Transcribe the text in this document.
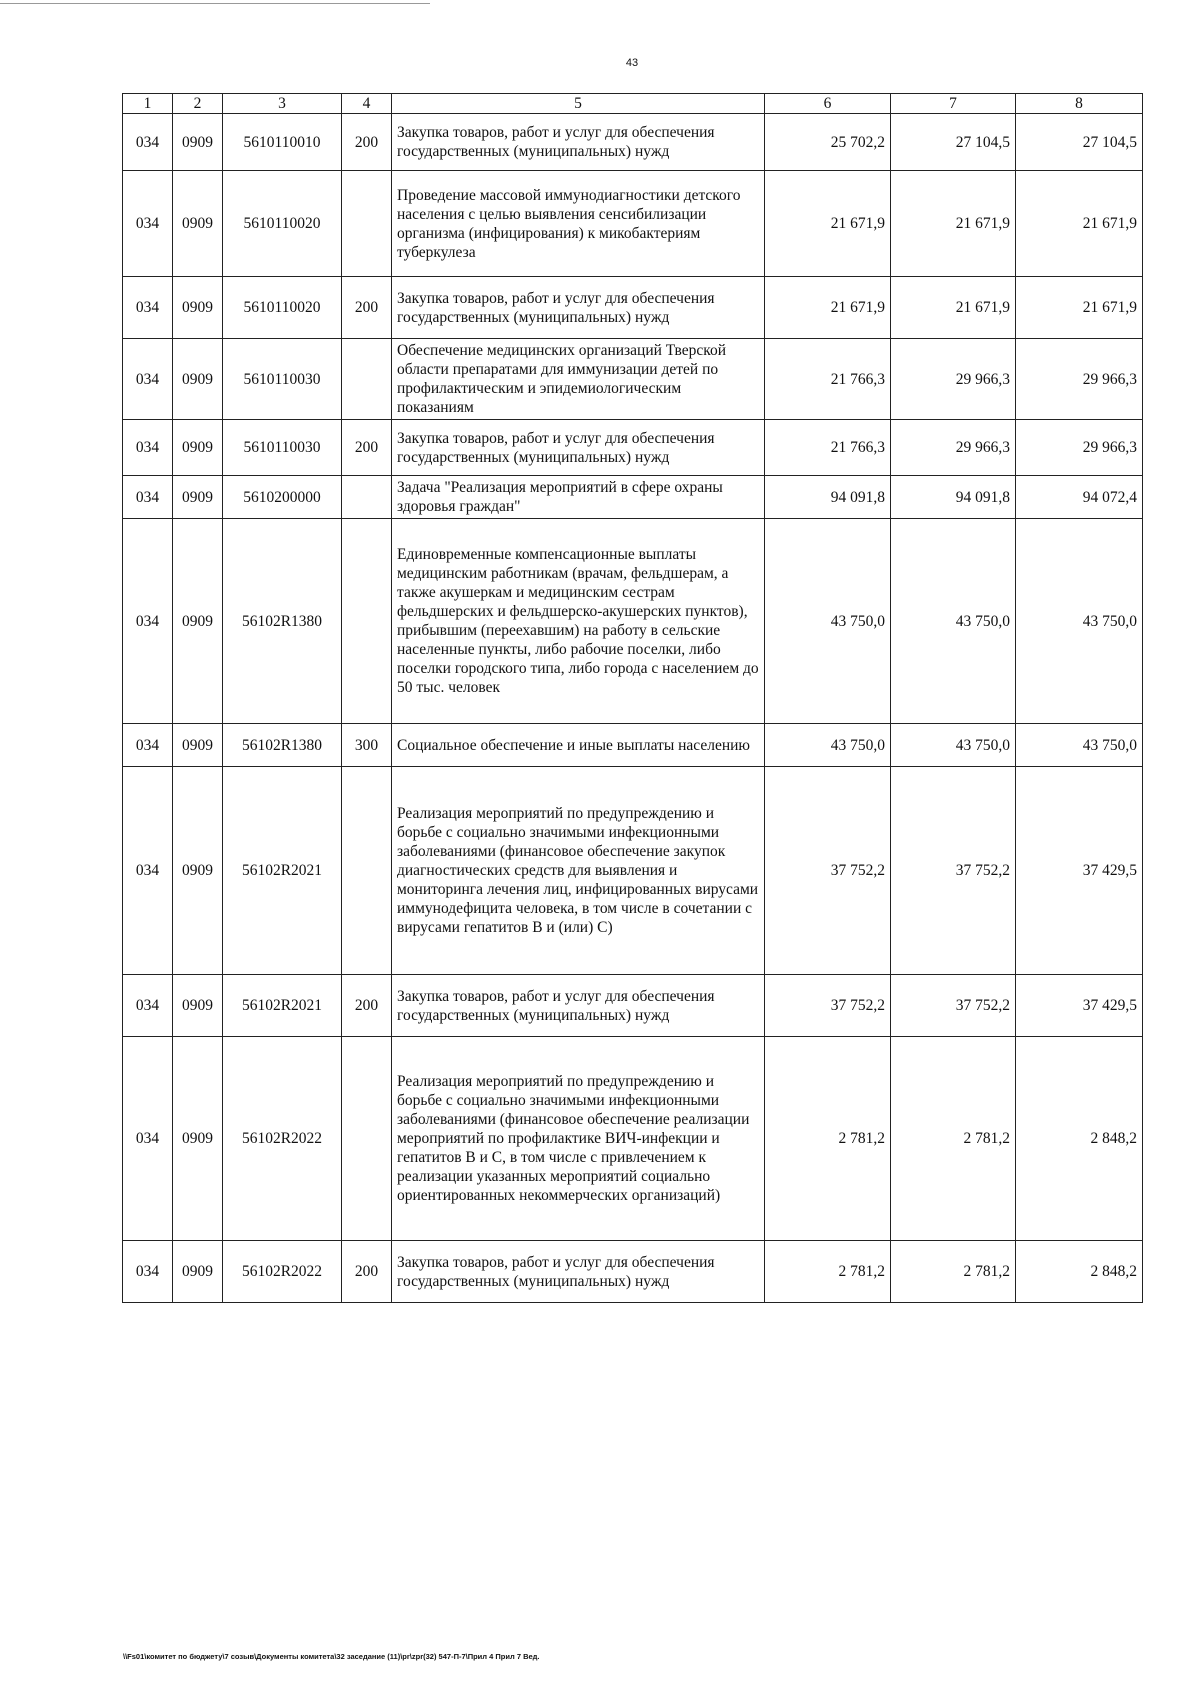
43
1	2	3	4	5	6	7	8
034	0909	5610110010	200	Закупка товаров, работ и услуг для обеспечения государственных (муниципальных) нужд	25 702,2	27 104,5	27 104,5
034	0909	5610110020		Проведение массовой иммунодиагностики детского населения с целью выявления сенсибилизации организма (инфицирования) к микобактериям туберкулеза	21 671,9	21 671,9	21 671,9
034	0909	5610110020	200	Закупка товаров, работ и услуг для обеспечения государственных (муниципальных) нужд	21 671,9	21 671,9	21 671,9
034	0909	5610110030		Обеспечение медицинских организаций Тверской области препаратами для иммунизации детей по профилактическим и эпидемиологическим показаниям	21 766,3	29 966,3	29 966,3
034	0909	5610110030	200	Закупка товаров, работ и услуг для обеспечения государственных (муниципальных) нужд	21 766,3	29 966,3	29 966,3
034	0909	5610200000		Задача "Реализация мероприятий в сфере охраны здоровья граждан"	94 091,8	94 091,8	94 072,4
034	0909	56102R1380		Единовременные компенсационные выплаты медицинским работникам (врачам, фельдшерам, а также акушеркам и медицинским сестрам фельдшерских и фельдшерско-акушерских пунктов), прибывшим (переехавшим) на работу в сельские населенные пункты, либо рабочие поселки, либо поселки городского типа, либо города с населением до 50 тыс. человек	43 750,0	43 750,0	43 750,0
034	0909	56102R1380	300	Социальное обеспечение и иные выплаты населению	43 750,0	43 750,0	43 750,0
034	0909	56102R2021		Реализация мероприятий по предупреждению и борьбе с социально значимыми инфекционными заболеваниями (финансовое обеспечение закупок диагностических средств для выявления и мониторинга лечения лиц, инфицированных вирусами иммунодефицита человека, в том числе в сочетании с вирусами гепатитов В и (или) С)	37 752,2	37 752,2	37 429,5
034	0909	56102R2021	200	Закупка товаров, работ и услуг для обеспечения государственных (муниципальных) нужд	37 752,2	37 752,2	37 429,5
034	0909	56102R2022		Реализация мероприятий по предупреждению и борьбе с социально значимыми инфекционными заболеваниями (финансовое обеспечение реализации мероприятий по профилактике ВИЧ-инфекции и гепатитов В и С, в том числе с привлечением к реализации указанных мероприятий социально ориентированных некоммерческих организаций)	2 781,2	2 781,2	2 848,2
034	0909	56102R2022	200	Закупка товаров, работ и услуг для обеспечения государственных (муниципальных) нужд	2 781,2	2 781,2	2 848,2
\\Fs01\комитет по бюджету\7 созыв\Документы комитета\32 заседание (11)\pr\zpr(32) 547-П-7\Прил 4 Прил 7 Вед.
